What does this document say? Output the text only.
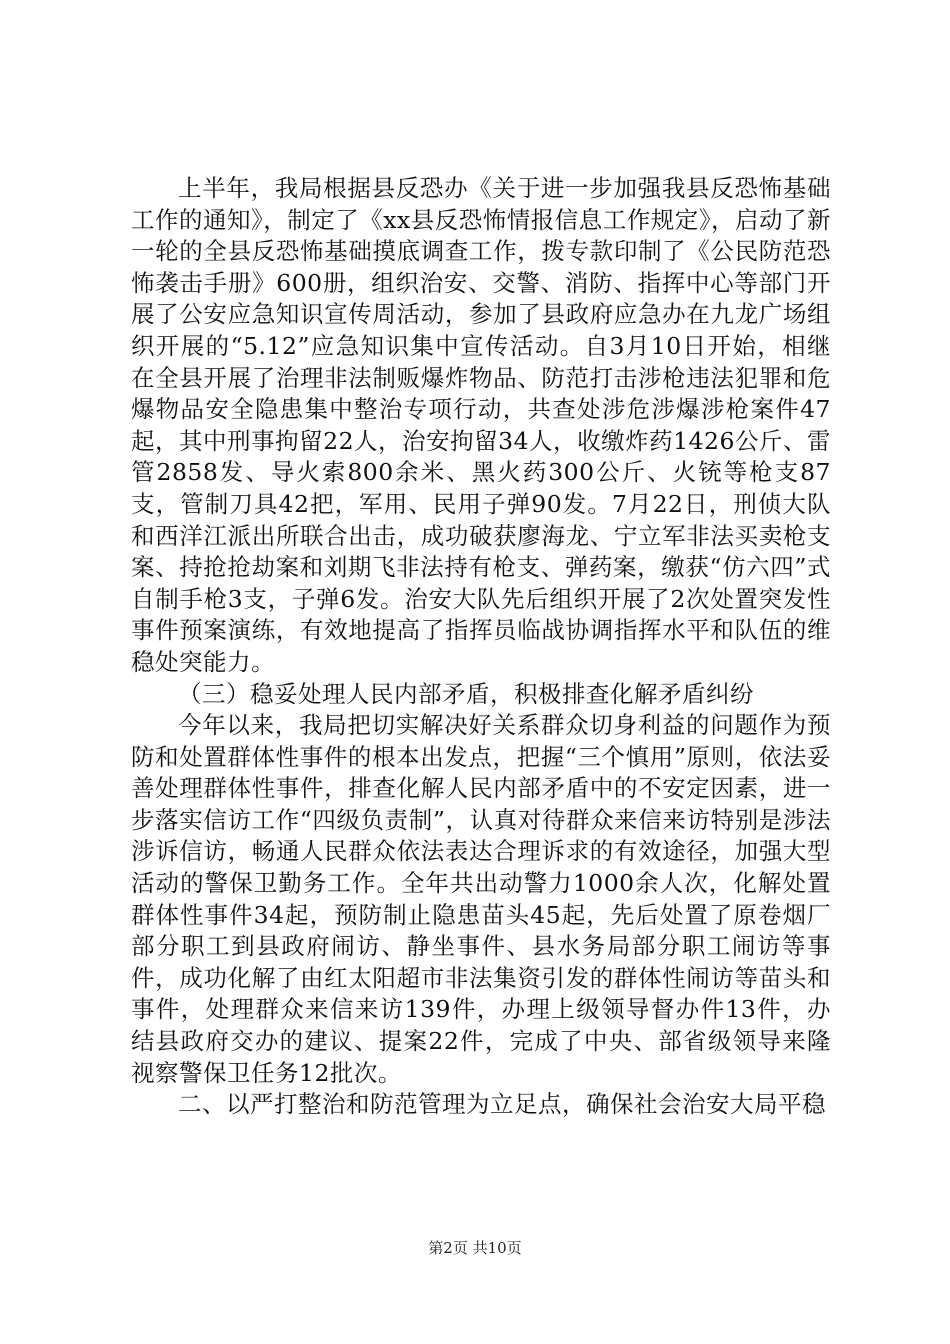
上半年，我局根据县反恐办《关于进一步加强我县反恐怖基础工作的通知》，制定了《xx县反恐怖情报信息工作规定》，启动了新一轮的全县反恐怖基础摸底调查工作，拨专款印制了《公民防范恐怖袭击手册》600册，组织治安、交警、消防、指挥中心等部门开展了公安应急知识宣传周活动，参加了县政府应急办在九龙广场组织开展的“5.12”应急知识集中宣传活动。自3月10日开始，相继在全县开展了治理非法制贩爆炸物品、防范打击涉枪违法犯罪和危爆物品安全隐患集中整治专项行动，共查处涉危涉爆涉枪案件47起，其中刑事拘留22人，治安拘留34人，收缴炸药1426公斤、雷管2858发、导火索800余米、黑火药300公斤、火铳等枪支87支，管制刀具42把，军用、民用子弹90发。7月22日，刑侦大队和西洋江派出所联合出击，成功破获廖海龙、宁立军非法买卖枪支案、持抢抢劫案和刘期飞非法持有枪支、弹药案，缴获“仿六四”式自制手枪3支，子弹6发。治安大队先后组织开展了2次处置突发性事件预案演练，有效地提高了指挥员临战协调指挥水平和队伍的维稳处突能力。

（三）稳妥处理人民内部矛盾，积极排查化解矛盾纠纷

今年以来，我局把切实解决好关系群众切身利益的问题作为预防和处置群体性事件的根本出发点，把握“三个慎用”原则，依法妥善处理群体性事件，排查化解人民内部矛盾中的不安定因素，进一步落实信访工作“四级负责制”，认真对待群众来信来访特别是涉法涉诉信访，畅通人民群众依法表达合理诉求的有效途径，加强大型活动的警保卫勤务工作。全年共出动警力1000余人次，化解处置群体性事件34起，预防制止隐患苗头45起，先后处置了原卷烟厂部分职工到县政府闹访、静坐事件、县水务局部分职工闹访等事件，成功化解了由红太阳超市非法集资引发的群体性闹访等苗头和事件，处理群众来信来访139件，办理上级领导督办件13件，办结县政府交办的建议、提案22件，完成了中央、部省级领导来隆视察警保卫任务12批次。

二、以严打整治和防范管理为立足点，确保社会治安大局平稳

第2页 共10页
